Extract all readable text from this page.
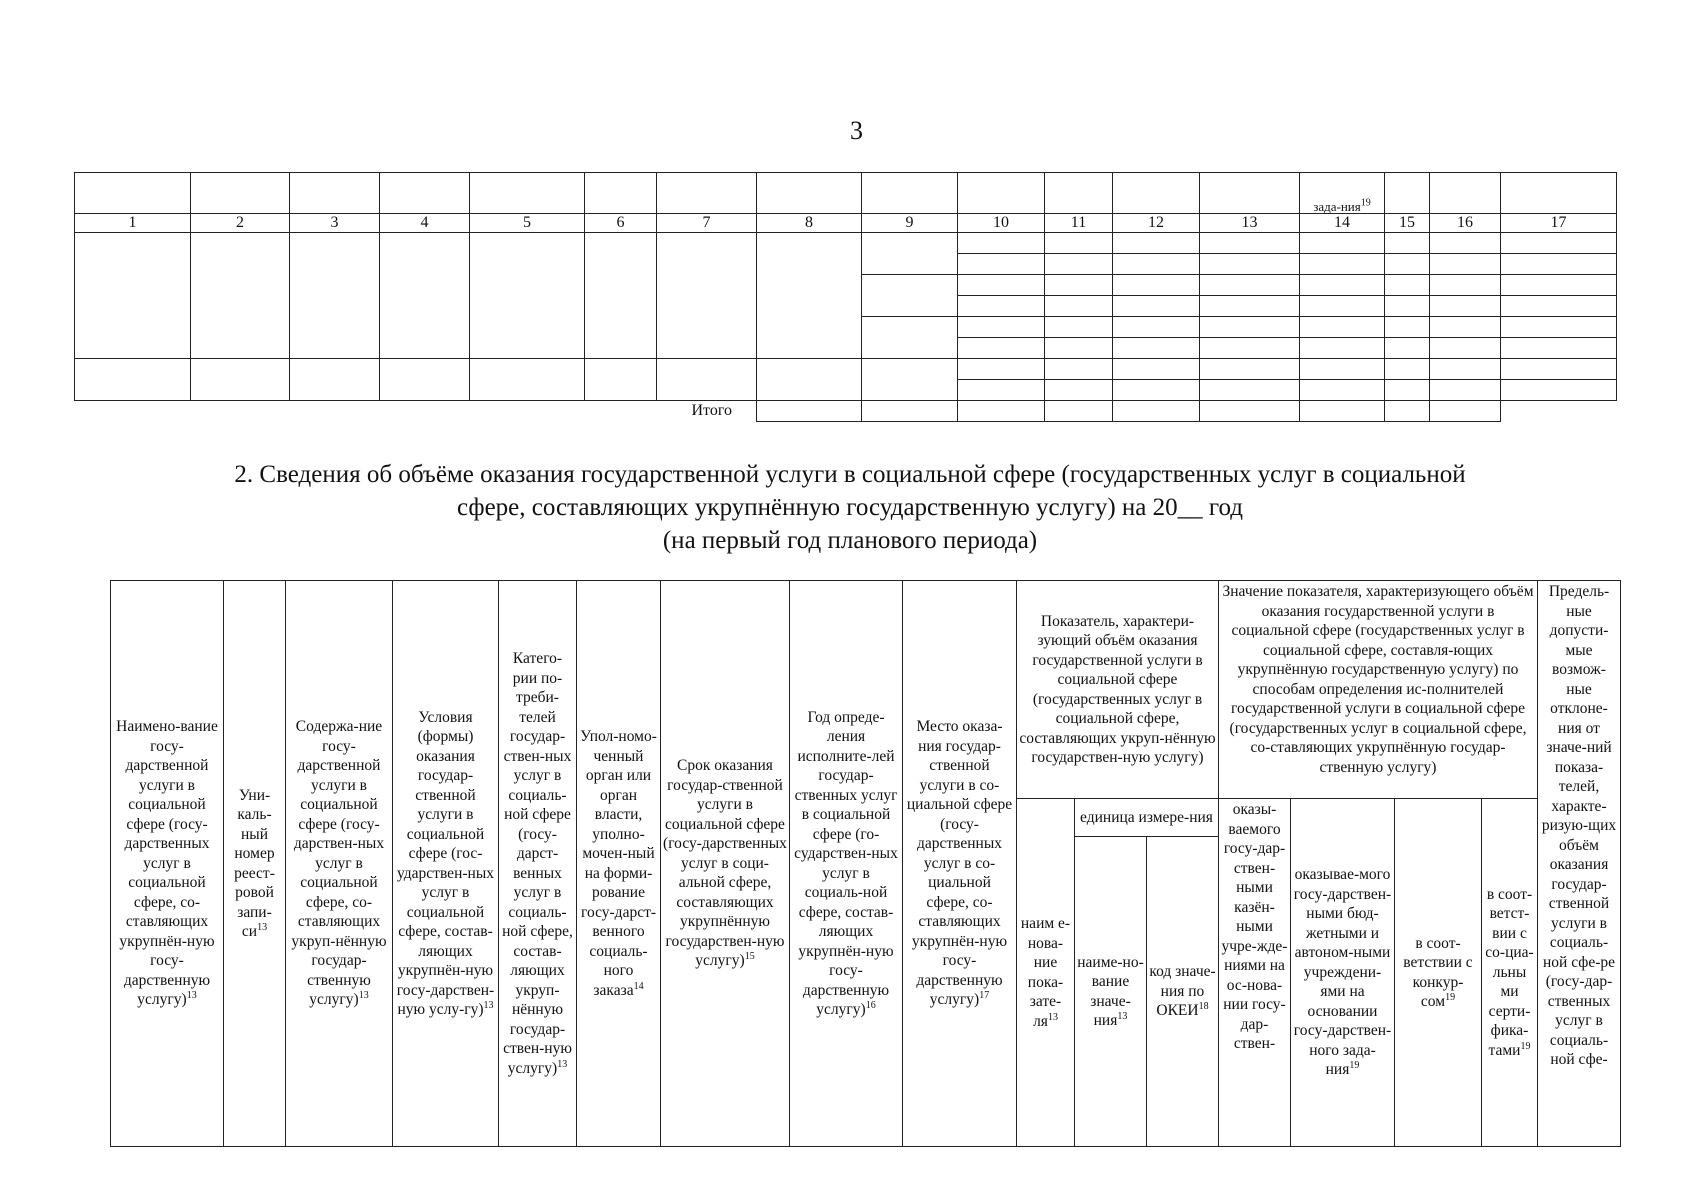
3
													зада-ния$^{19}$			
1	2	3	4	5	6	7	8	9	10	11	12	13	14	15	16	17

						Итого										
2. Сведения об объёме оказания государственной услуги в социальной сфере (государственных услуг в социальной
сфере, составляющих укрупнённую государственную услугу) на 20__ год
(на первый год планового периода)
Наимено-вание госу-дарственной услуги в социальной сфере (госу-дарственных услуг в социальной сфере, со-ставляющих укрупнён-ную госу-дарственную услугу)$^{13}$	Уни-каль-ный номер реест-ровой запи-$си^{13}$	Содержа-ние госу-дарственной услуги в социальной сфере (госу-дарствен-ных услуг в социальной сфере, со-ставляющих укруп-нённую государ-ственную услугу)$^{13}$	Условия (формы) оказания государ-ственной услуги в социальной сфере (гос-ударствен-ных услуг в социальной сфере, состав-ляющих укрупнён-ную госу-дарствен-ную услу-гу)$^{13}$	Катего-рии по-треби-телей государ-ствен-ных услуг в социаль-ной сфере (госу-дарст-венных услуг в социаль-ной сфере, состав-ляющих укруп-нённую государ-ствен-ную услугу)$^{13}$	Упол-номо-ченный орган или орган власти, уполно-мочен-ный на форми-рование госу-дарст-венного социаль-ного заказа$^{14}$	Срок оказания государ-ственной услуги в социальной сфере (госу-дарственных услуг в соци-альной сфере, составляющих укрупнённую государствен-ную услугу)$^{15}$	Год опреде-ления исполните-лей государ-ственных услуг в социальной сфере (го-сударствен-ных услуг в социаль-ной сфере, состав-ляющих укрупнён-ную госу-дарственную услугу)$^{16}$	Место оказа-ния государ-ственной услуги в со-циальной сфере (госу-дарственных услуг в со-циальной сфере, со-ставляющих укрупнён-ную госу-дарственную услугу)$^{17}$	Показатель, характери-зующий объём оказания государственной услуги в социальной сфере (государственных услуг в социальной сфере, составляющих укруп-нённую государствен-ную услугу)			Значение показателя, характеризующего объём оказания государственной услуги в социальной сфере (государственных услуг в социальной сфере, составля-ющих укрупнённую государственную услугу) по способам определения ис-полнителей государственной услуги в социальной сфере (государственных услуг в социальной сфере, со-ставляющих укрупнённую государ-ственную услугу)				Предель-ные допусти-мые возмож-ные отклоне-ния от значе-ний показа-телей, характе-ризую-щих объём оказания государ-ственной услуги в социаль-ной сфе-ре (госу-дар-ственных услуг в социаль-ной сфе-

									наим е-нова-ние пока-$зате-ля^{13}$	единица измере-ния		оказы-ваемого госу-дар-ствен-ными казён-ными учре-жде-ниями на ос-нова-нии госу-дар-ствен-	оказывае-мого госу-дарствен-ными бюд-жетными и автоном-ными учреждени-ями на основании госу-дарствен-ного зада-ния$^{19}$	в соот-ветствии с конкур-сом$^{19}$	в соот-ветст-вии с со-циа-льны ми серти-фика-тами$^{19}$

										наиме-но-вание значе-ния$^{13}$	код значе-ния по ОКЕИ$^{18}$
